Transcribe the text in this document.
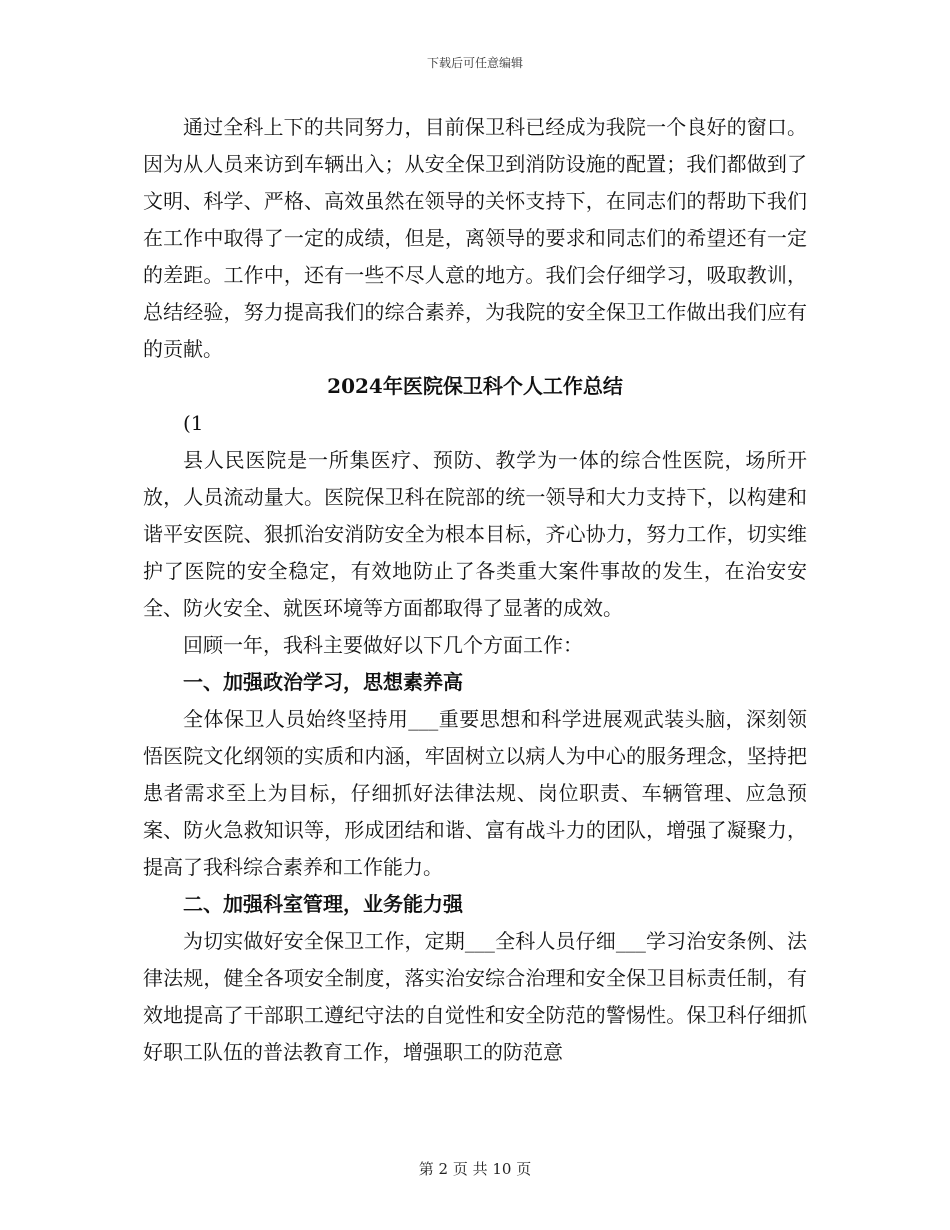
下载后可任意编辑

通过全科上下的共同努力，目前保卫科已经成为我院一个良好的窗口。因为从人员来访到车辆出入；从安全保卫到消防设施的配置；我们都做到了文明、科学、严格、高效虽然在领导的关怀支持下，在同志们的帮助下我们在工作中取得了一定的成绩，但是，离领导的要求和同志们的希望还有一定的差距。工作中，还有一些不尽人意的地方。我们会仔细学习，吸取教训，总结经验，努力提高我们的综合素养，为我院的安全保卫工作做出我们应有的贡献。

2024年医院保卫科个人工作总结

(1

县人民医院是一所集医疗、预防、教学为一体的综合性医院，场所开放，人员流动量大。医院保卫科在院部的统一领导和大力支持下，以构建和谐平安医院、狠抓治安消防安全为根本目标，齐心协力，努力工作，切实维护了医院的安全稳定，有效地防止了各类重大案件事故的发生，在治安安全、防火安全、就医环境等方面都取得了显著的成效。

回顾一年，我科主要做好以下几个方面工作：

一、加强政治学习，思想素养高

全体保卫人员始终坚持用___重要思想和科学进展观武装头脑，深刻领悟医院文化纲领的实质和内涵，牢固树立以病人为中心的服务理念，坚持把患者需求至上为目标，仔细抓好法律法规、岗位职责、车辆管理、应急预案、防火急救知识等，形成团结和谐、富有战斗力的团队，增强了凝聚力，提高了我科综合素养和工作能力。

二、加强科室管理，业务能力强

为切实做好安全保卫工作，定期___全科人员仔细___学习治安条例、法律法规，健全各项安全制度，落实治安综合治理和安全保卫目标责任制，有效地提高了干部职工遵纪守法的自觉性和安全防范的警惕性。保卫科仔细抓好职工队伍的普法教育工作，增强职工的防范意

第 2 页 共 10 页
